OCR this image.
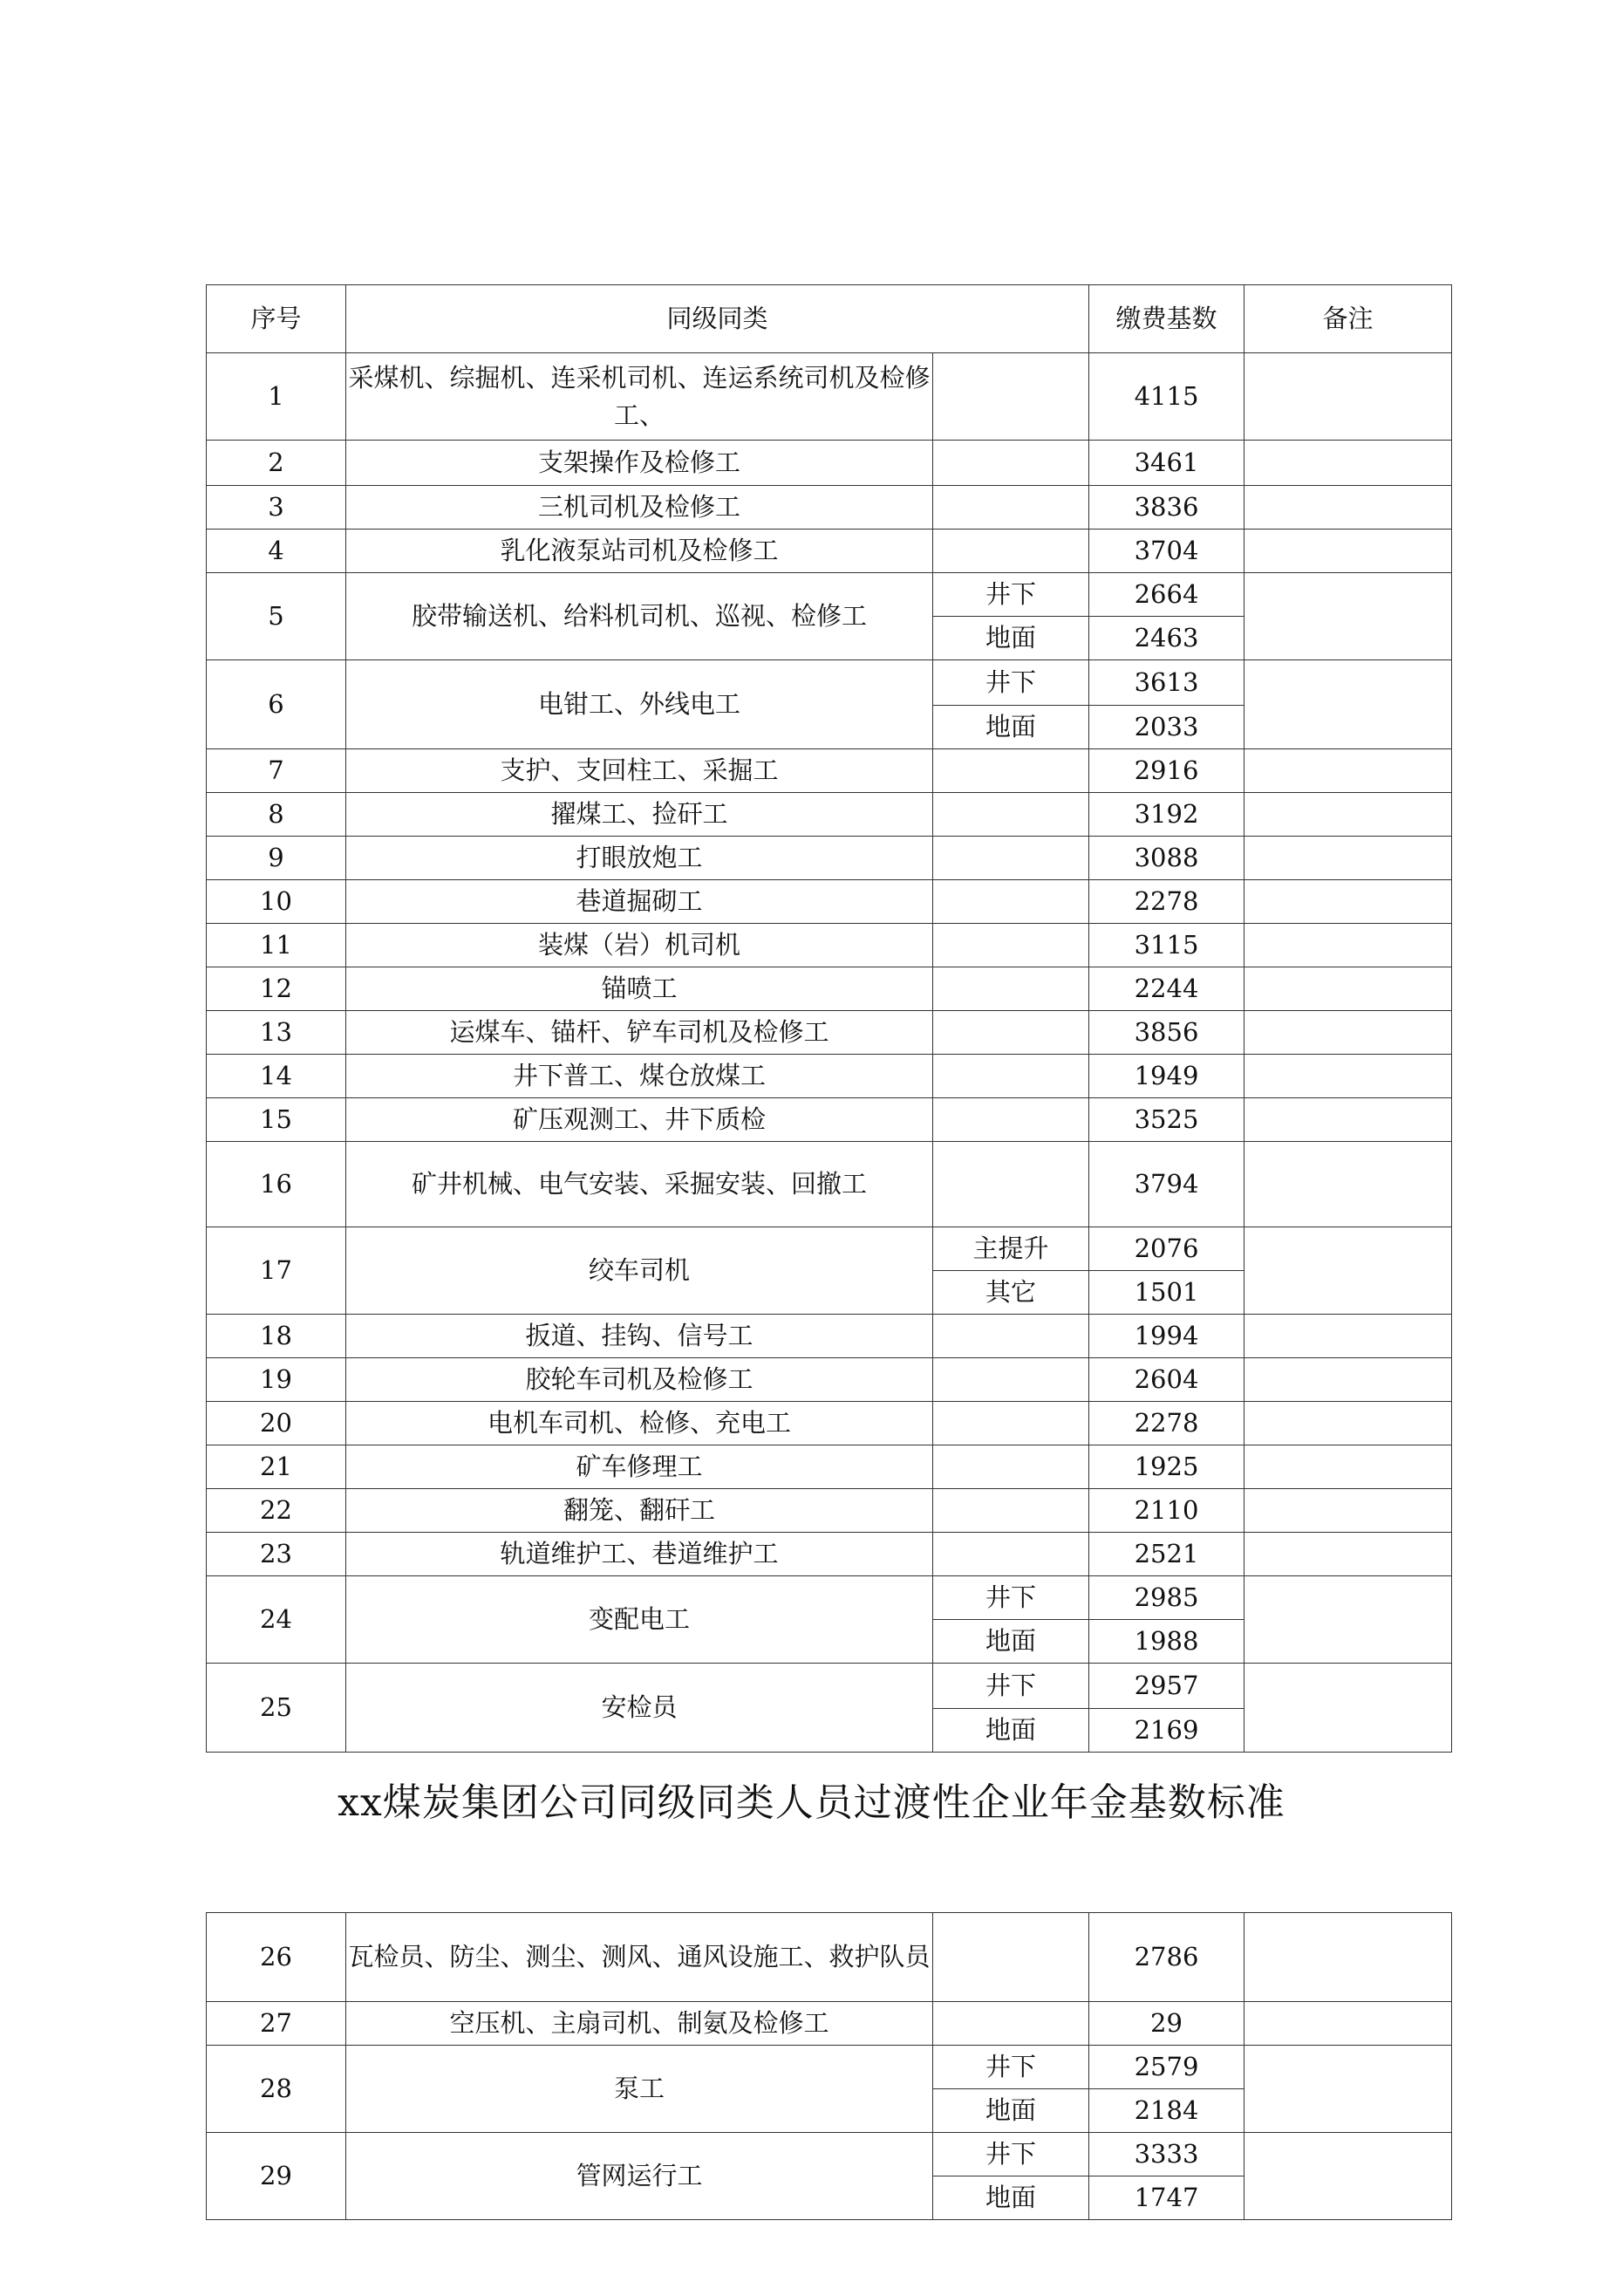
序号	同级同类		缴费基数	备注
1	采煤机、综掘机、连采机司机、连运系统司机及检修工、		4115	
2	支架操作及检修工		3461	
3	三机司机及检修工		3836	
4	乳化液泵站司机及检修工		3704	
5	胶带输送机、给料机司机、巡视、检修工	井下	2664	
		地面	2463	
6	电钳工、外线电工	井下	3613	
		地面	2033	
7	支护、支回柱工、采掘工		2916	
8	擢煤工、捡矸工		3192	
9	打眼放炮工		3088	
10	巷道掘砌工		2278	
11	装煤（岩）机司机		3115	
12	锚喷工		2244	
13	运煤车、锚杆、铲车司机及检修工		3856	
14	井下普工、煤仓放煤工		1949	
15	矿压观测工、井下质检		3525	
16	矿井机械、电气安装、采掘安装、回撤工		3794	
17	绞车司机	主提升	2076	
		其它	1501	
18	扳道、挂钩、信号工		1994	
19	胶轮车司机及检修工		2604	
20	电机车司机、检修、充电工		2278	
21	矿车修理工		1925	
22	翻笼、翻矸工		2110	
23	轨道维护工、巷道维护工		2521	
24	变配电工	井下	2985	
		地面	1988	
25	安检员	井下	2957	
		地面	2169	
xx煤炭集团公司同级同类人员过渡性企业年金基数标准
26	瓦检员、防尘、测尘、测风、通风设施工、救护队员		2786	
27	空压机、主扇司机、制氨及检修工		29	
28	泵工	井下	2579	
		地面	2184	
29	管网运行工	井下	3333	
		地面	1747	
